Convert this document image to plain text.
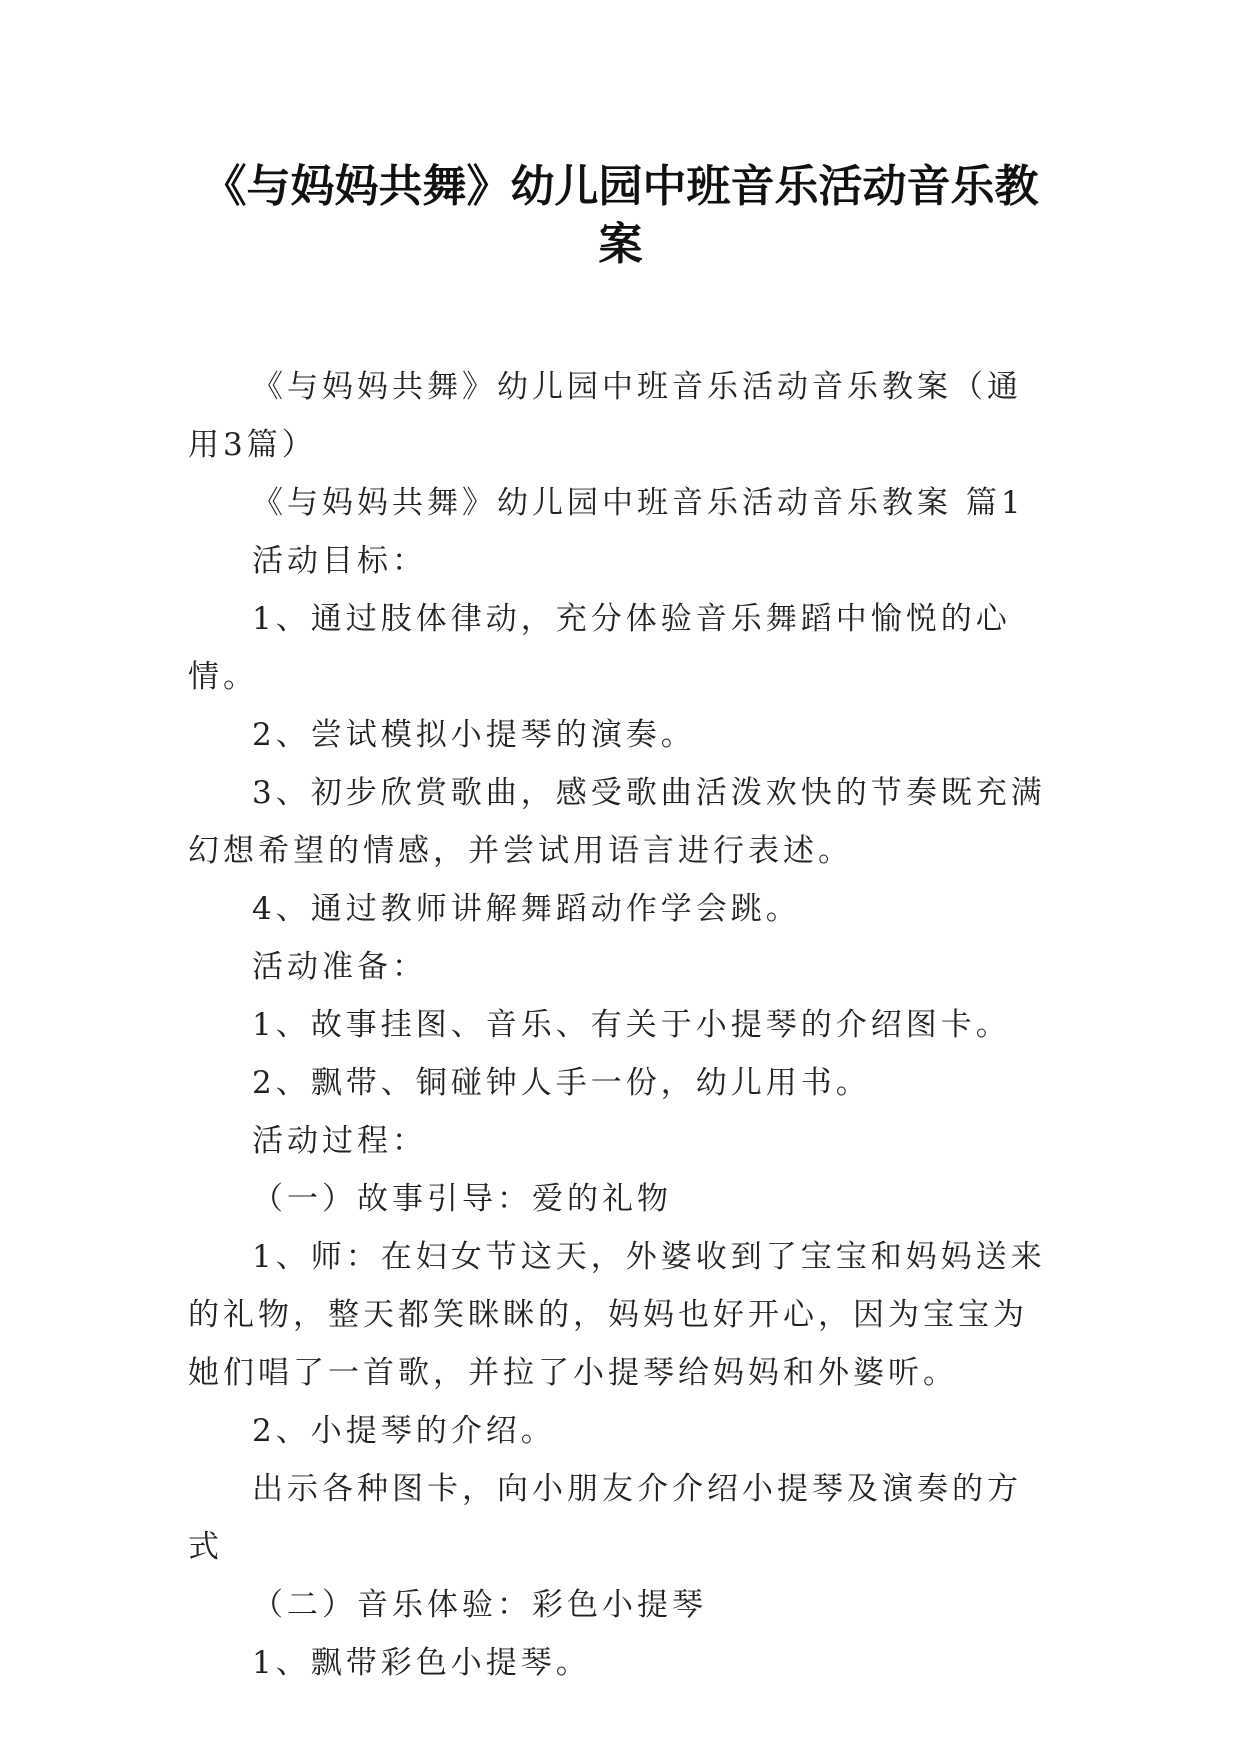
《与妈妈共舞》幼儿园中班音乐活动音乐教案

《与妈妈共舞》幼儿园中班音乐活动音乐教案（通用3篇）

《与妈妈共舞》幼儿园中班音乐活动音乐教案 篇1

活动目标：

1、通过肢体律动，充分体验音乐舞蹈中愉悦的心情。

2、尝试模拟小提琴的演奏。

3、初步欣赏歌曲，感受歌曲活泼欢快的节奏既充满幻想希望的情感，并尝试用语言进行表述。

4、通过教师讲解舞蹈动作学会跳。

活动准备：

1、故事挂图、音乐、有关于小提琴的介绍图卡。

2、飘带、铜碰钟人手一份，幼儿用书。

活动过程：

（一）故事引导：爱的礼物

1、师：在妇女节这天，外婆收到了宝宝和妈妈送来的礼物，整天都笑眯眯的，妈妈也好开心，因为宝宝为她们唱了一首歌，并拉了小提琴给妈妈和外婆听。

2、小提琴的介绍。

出示各种图卡，向小朋友介介绍小提琴及演奏的方式

（二）音乐体验：彩色小提琴

1、飘带彩色小提琴。
